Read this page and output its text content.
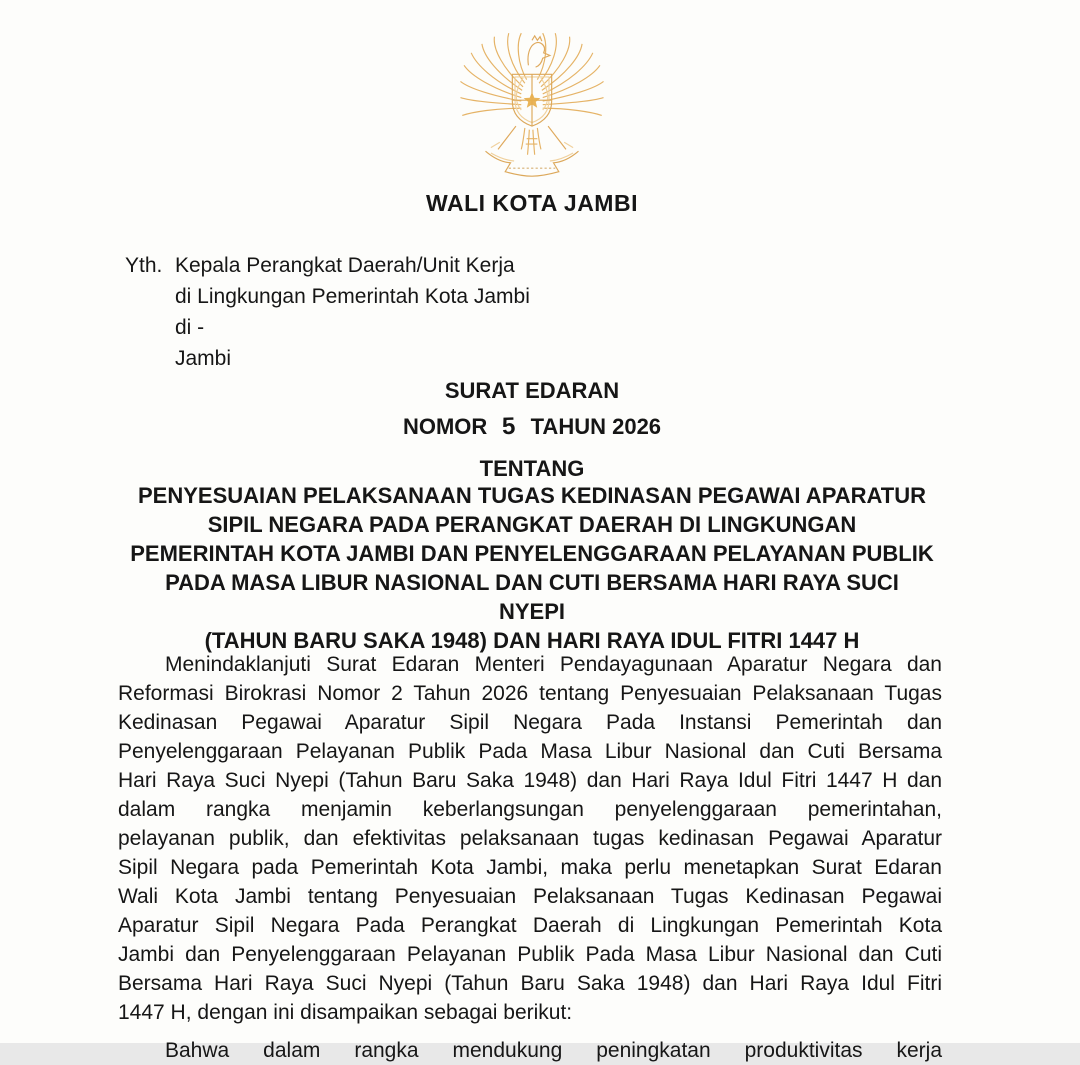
WALI KOTA JAMBI
Yth. Kepala Perangkat Daerah/Unit Kerja
di Lingkungan Pemerintah Kota Jambi
di -
Jambi
SURAT EDARAN
NOMOR 5 TAHUN 2026
TENTANG
PENYESUAIAN PELAKSANAAN TUGAS KEDINASAN PEGAWAI APARATUR
SIPIL NEGARA PADA PERANGKAT DAERAH DI LINGKUNGAN
PEMERINTAH KOTA JAMBI DAN PENYELENGGARAAN PELAYANAN PUBLIK
PADA MASA LIBUR NASIONAL DAN CUTI BERSAMA HARI RAYA SUCI NYEPI
(TAHUN BARU SAKA 1948) DAN HARI RAYA IDUL FITRI 1447 H
Menindaklanjuti Surat Edaran Menteri Pendayagunaan Aparatur Negara dan
Reformasi Birokrasi Nomor 2 Tahun 2026 tentang Penyesuaian Pelaksanaan Tugas
Kedinasan Pegawai Aparatur Sipil Negara Pada Instansi Pemerintah dan
Penyelenggaraan Pelayanan Publik Pada Masa Libur Nasional dan Cuti Bersama
Hari Raya Suci Nyepi (Tahun Baru Saka 1948) dan Hari Raya Idul Fitri 1447 H dan
dalam rangka menjamin keberlangsungan penyelenggaraan pemerintahan,
pelayanan publik, dan efektivitas pelaksanaan tugas kedinasan Pegawai Aparatur
Sipil Negara pada Pemerintah Kota Jambi, maka perlu menetapkan Surat Edaran
Wali Kota Jambi tentang Penyesuaian Pelaksanaan Tugas Kedinasan Pegawai
Aparatur Sipil Negara Pada Perangkat Daerah di Lingkungan Pemerintah Kota
Jambi dan Penyelenggaraan Pelayanan Publik Pada Masa Libur Nasional dan Cuti
Bersama Hari Raya Suci Nyepi (Tahun Baru Saka 1948) dan Hari Raya Idul Fitri
1447 H, dengan ini disampaikan sebagai berikut:
Bahwa dalam rangka mendukung peningkatan produktivitas kerja
